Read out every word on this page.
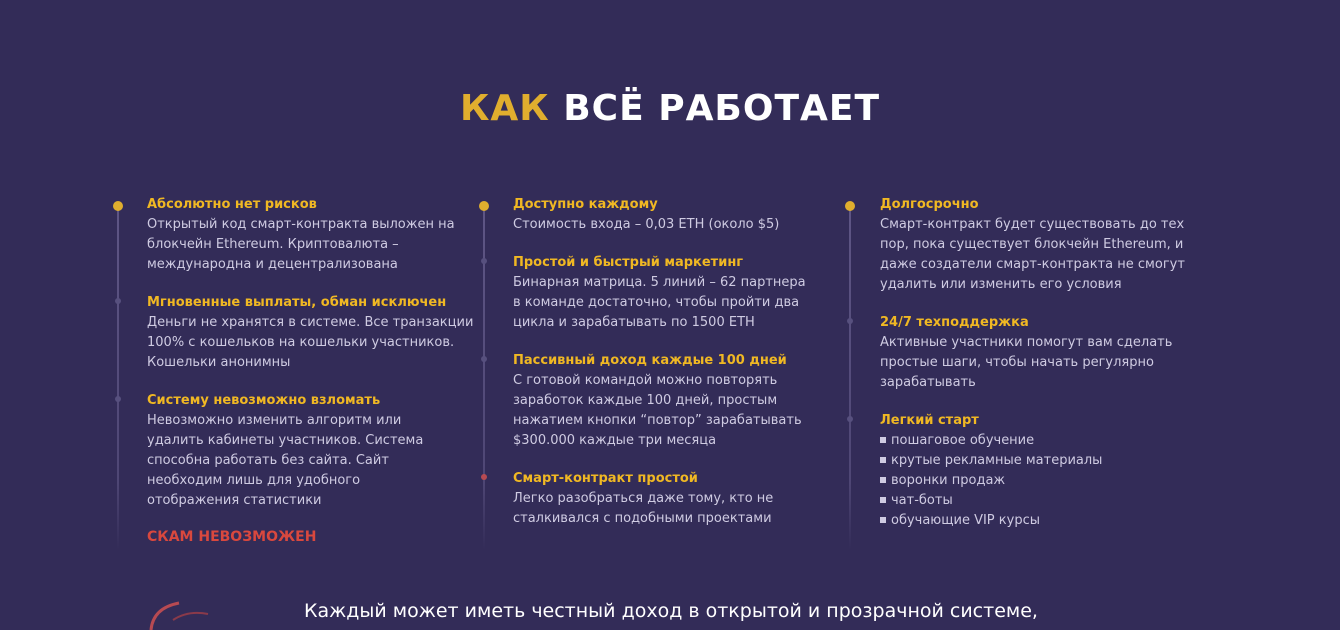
КАК ВСЁ РАБОТАЕТ
Абсолютно нет рисков
Открытый код смарт-контракта выложен на блокчейн Ethereum. Криптовалюта – международна и децентрализована
Мгновенные выплаты, обман исключен
Деньги не хранятся в системе. Все транзакции 100% с кошельков на кошельки участников. Кошельки анонимны
Систему невозможно взломать
Невозможно изменить алгоритм или удалить кабинеты участников. Система способна работать без сайта. Сайт необходим лишь для удобного отображения статистики
СКАМ НЕВОЗМОЖЕН
Доступно каждому
Стоимость входа – 0,03 ETH (около $5)
Простой и быстрый маркетинг
Бинарная матрица. 5 линий – 62 партнера в команде достаточно, чтобы пройти два цикла и зарабатывать по 1500 ETH
Пассивный доход каждые 100 дней
С готовой командой можно повторять заработок каждые 100 дней, простым нажатием кнопки “повтор” зарабатывать $300.000 каждые три месяца
Смарт-контракт простой
Легко разобраться даже тому, кто не сталкивался с подобными проектами
Долгосрочно
Смарт-контракт будет существовать до тех пор, пока существует блокчейн Ethereum, и даже создатели смарт-контракта не смогут удалить или изменить его условия
24/7 техподдержка
Активные участники помогут вам сделать простые шаги, чтобы начать регулярно зарабатывать
Легкий старт
пошаговое обучение
крутые рекламные материалы
воронки продаж
чат-боты
обучающие VIP курсы
Каждый может иметь честный доход в открытой и прозрачной системе,
